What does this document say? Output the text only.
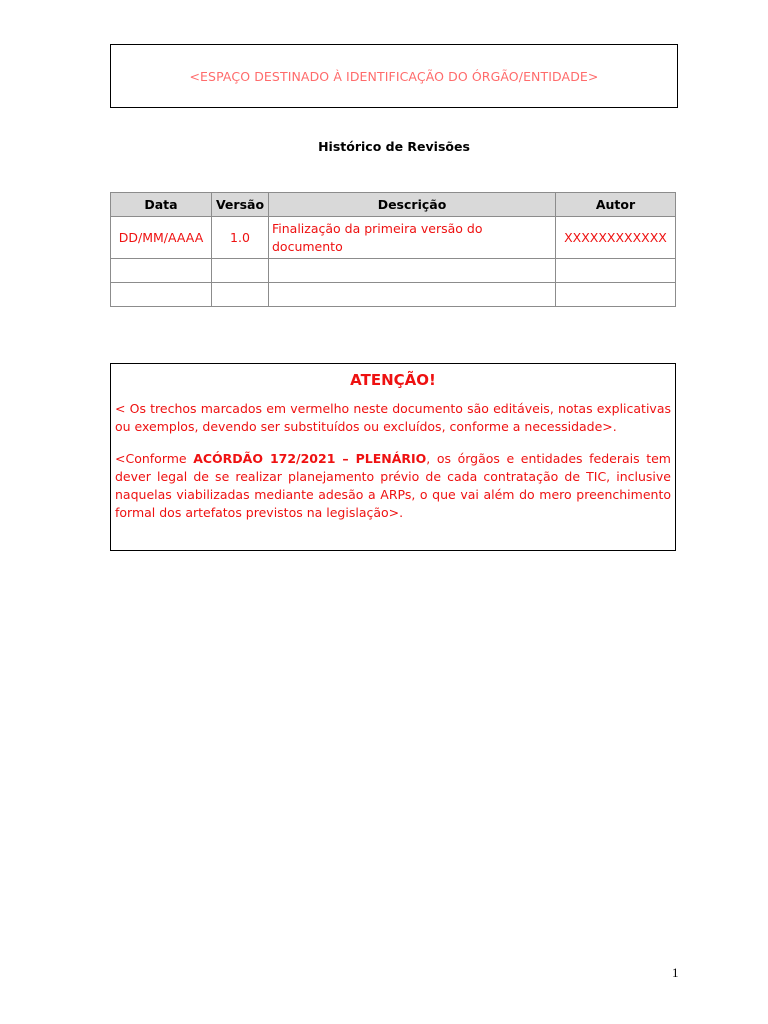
<ESPAÇO DESTINADO À IDENTIFICAÇÃO DO ÓRGÃO/ENTIDADE>
Histórico de Revisões
Data	Versão	Descrição	Autor
DD/MM/AAAA	1.0	Finalização da primeira versão do documento	XXXXXXXXXXXX

ATENÇÃO!

< Os trechos marcados em vermelho neste documento são editáveis, notas explicativas ou exemplos, devendo ser substituídos ou excluídos, conforme a necessidade>.

<Conforme ACÓRDÃO 172/2021 – PLENÁRIO, os órgãos e entidades federais tem dever legal de se realizar planejamento prévio de cada contratação de TIC, inclusive naquelas viabilizadas mediante adesão a ARPs, o que vai além do mero preenchimento formal dos artefatos previstos na legislação>.

1
